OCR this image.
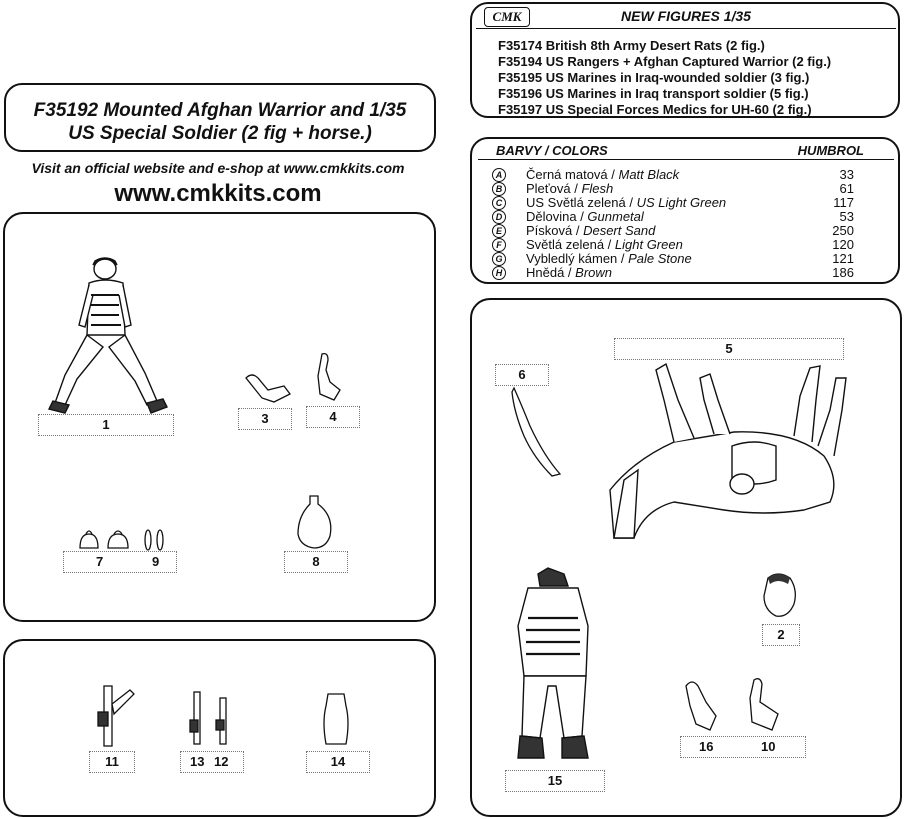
F35192 Mounted Afghan Warrior and 1/35
US Special Soldier (2 fig + horse.)
Visit an official website and e-shop at www.cmkkits.com
www.cmkkits.com
CMK	NEW FIGURES 1/35
F35174 British 8th Army Desert Rats (2 fig.)
F35194 US Rangers + Afghan Captured Warrior (2 fig.)
F35195 US Marines in Iraq-wounded soldier (3 fig.)
F35196 US Marines in Iraq transport soldier (5 fig.)
F35197 US Special Forces Medics for UH-60 (2 fig.)
BARVY / COLORS	HUMBROL
A Černá matová / Matt Black	33
B Pleťová / Flesh	61
C US Světlá zelená / US Light Green	117
D Dělovina / Gunmetal	53
E	Písková / Desert Sand	250
F	Světlá zelená / Light Green	120
G Vybledlý kámen / Pale Stone	121
H Hnědá / Brown	186
1	3	4
7	9	8
11	13 12	14
5
6
15
2
16	10
